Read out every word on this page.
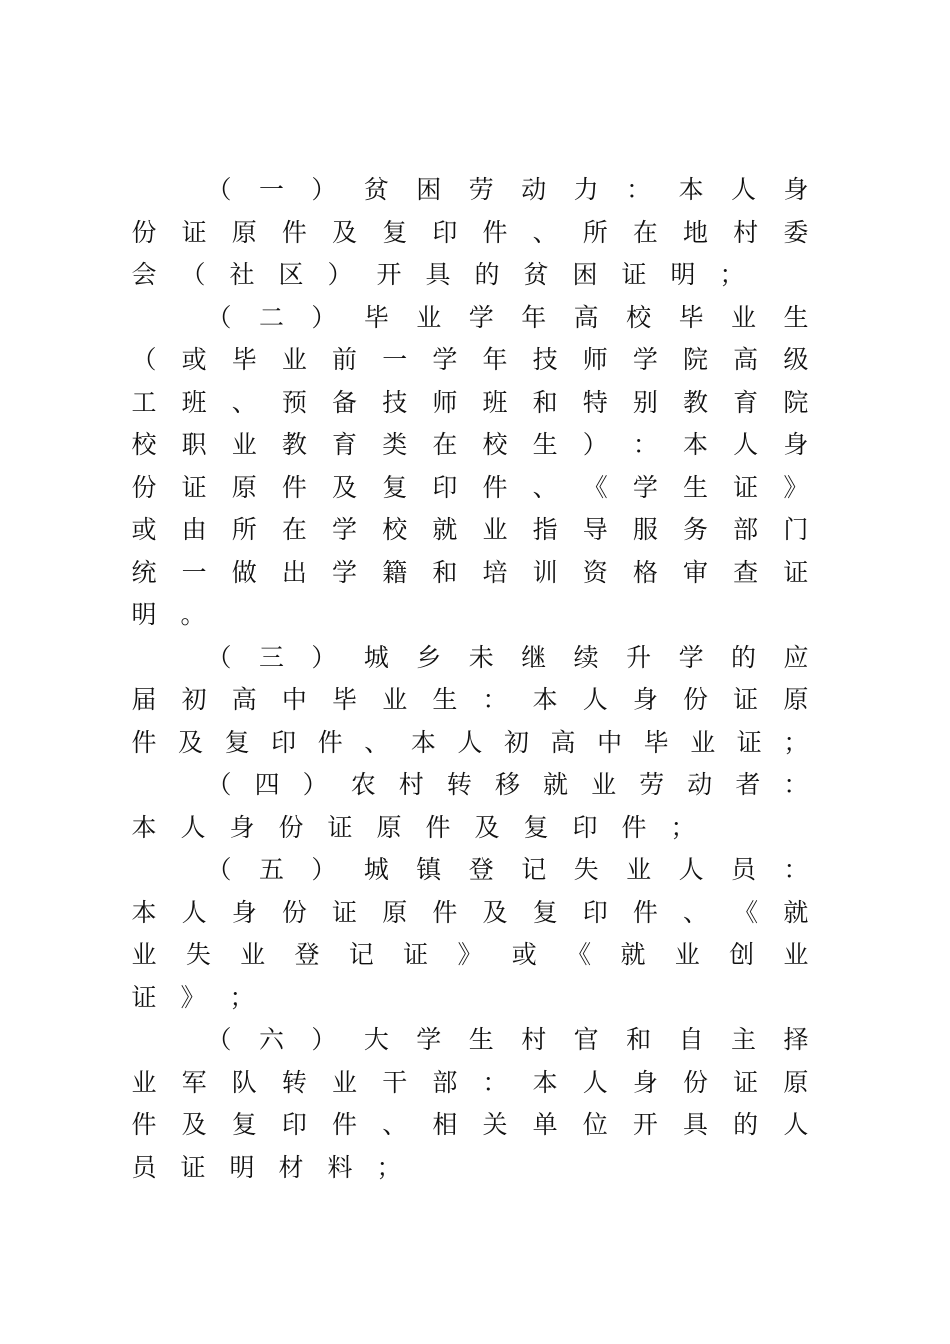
（ 一 ） 贫 困 劳 动 力 ： 本 人 身
份 证 原 件 及 复 印 件 、 所 在 地 村 委
会 （ 社 区 ） 开 具 的 贫 困 证 明 ；
（ 二 ） 毕 业 学 年 高 校 毕 业 生
（ 或 毕 业 前 一 学 年 技 师 学 院 高 级
工 班 、 预 备 技 师 班 和 特 别 教 育 院
校 职 业 教 育 类 在 校 生 ） ： 本 人 身
份 证 原 件 及 复 印 件 、 《 学 生 证 》
或 由 所 在 学 校 就 业 指 导 服 务 部 门
统 一 做 出 学 籍 和 培 训 资 格 审 查 证
明 。
（ 三 ） 城 乡 未 继 续 升 学 的 应
届 初 高 中 毕 业 生 ： 本 人 身 份 证 原
件 及 复 印 件 、 本 人 初 高 中 毕 业 证 ；
（ 四 ） 农 村 转 移 就 业 劳 动 者 ：
本 人 身 份 证 原 件 及 复 印 件 ；
（ 五 ） 城 镇 登 记 失 业 人 员 ：
本 人 身 份 证 原 件 及 复 印 件 、 《 就
业 失 业 登 记 证 》 或 《 就 业 创 业
证 》 ；
（ 六 ） 大 学 生 村 官 和 自 主 择
业 军 队 转 业 干 部 ： 本 人 身 份 证 原
件 及 复 印 件 、 相 关 单 位 开 具 的 人
员 证 明 材 料 ；
